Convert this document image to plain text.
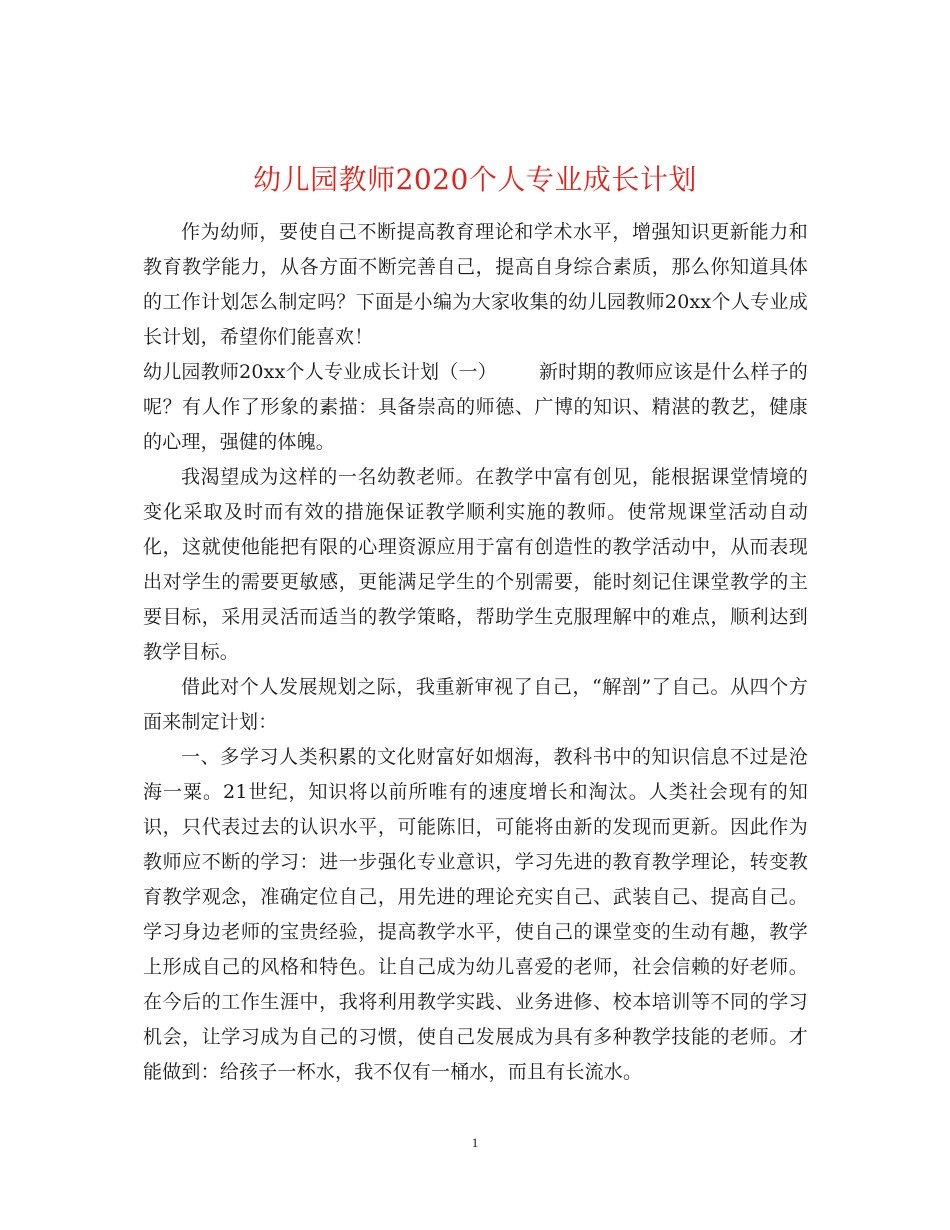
幼儿园教师2020个人专业成长计划

作为幼师，要使自己不断提高教育理论和学术水平，增强知识更新能力和教育教学能力，从各方面不断完善自己，提高自身综合素质，那么你知道具体的工作计划怎么制定吗？下面是小编为大家收集的幼儿园教师20xx个人专业成长计划，希望你们能喜欢！

幼儿园教师20xx个人专业成长计划（一） 新时期的教师应该是什么样子的呢？有人作了形象的素描：具备崇高的师德、广博的知识、精湛的教艺，健康的心理，强健的体魄。

我渴望成为这样的一名幼教老师。在教学中富有创见，能根据课堂情境的变化采取及时而有效的措施保证教学顺利实施的教师。使常规课堂活动自动化，这就使他能把有限的心理资源应用于富有创造性的教学活动中，从而表现出对学生的需要更敏感，更能满足学生的个别需要，能时刻记住课堂教学的主要目标，采用灵活而适当的教学策略，帮助学生克服理解中的难点，顺利达到教学目标。

借此对个人发展规划之际，我重新审视了自己，“解剖”了自己。从四个方面来制定计划：

一、多学习人类积累的文化财富好如烟海，教科书中的知识信息不过是沧海一粟。21世纪，知识将以前所唯有的速度增长和淘汰。人类社会现有的知识，只代表过去的认识水平，可能陈旧，可能将由新的发现而更新。因此作为教师应不断的学习：进一步强化专业意识，学习先进的教育教学理论，转变教育教学观念，准确定位自己，用先进的理论充实自己、武装自己、提高自己。学习身边老师的宝贵经验，提高教学水平，使自己的课堂变的生动有趣，教学上形成自己的风格和特色。让自己成为幼儿喜爱的老师，社会信赖的好老师。在今后的工作生涯中，我将利用教学实践、业务进修、校本培训等不同的学习机会，让学习成为自己的习惯，使自己发展成为具有多种教学技能的老师。才能做到：给孩子一杯水，我不仅有一桶水，而且有长流水。

1
